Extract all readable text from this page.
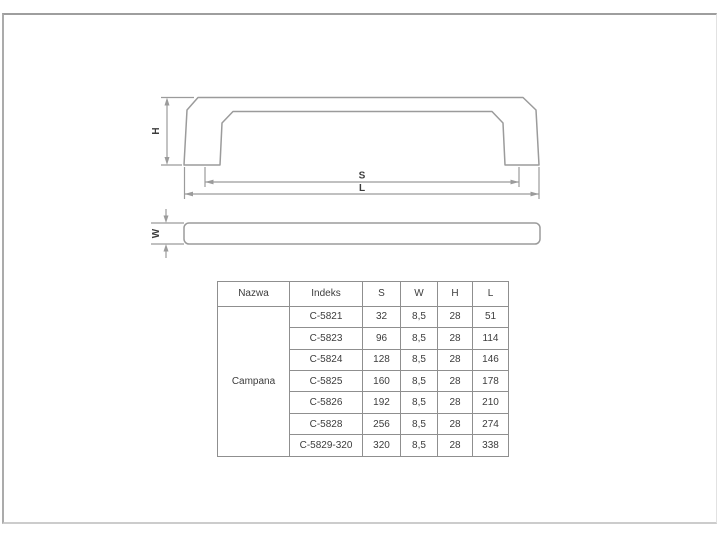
H
S
L
W
Nazwa	Indeks	S	W	H	L
Campana	C-5821	32	8,5	28	51
	C-5823	96	8,5	28	114
	C-5824	128	8,5	28	146
	C-5825	160	8,5	28	178
	C-5826	192	8,5	28	210
	C-5828	256	8,5	28	274
	C-5829-320	320	8,5	28	338
